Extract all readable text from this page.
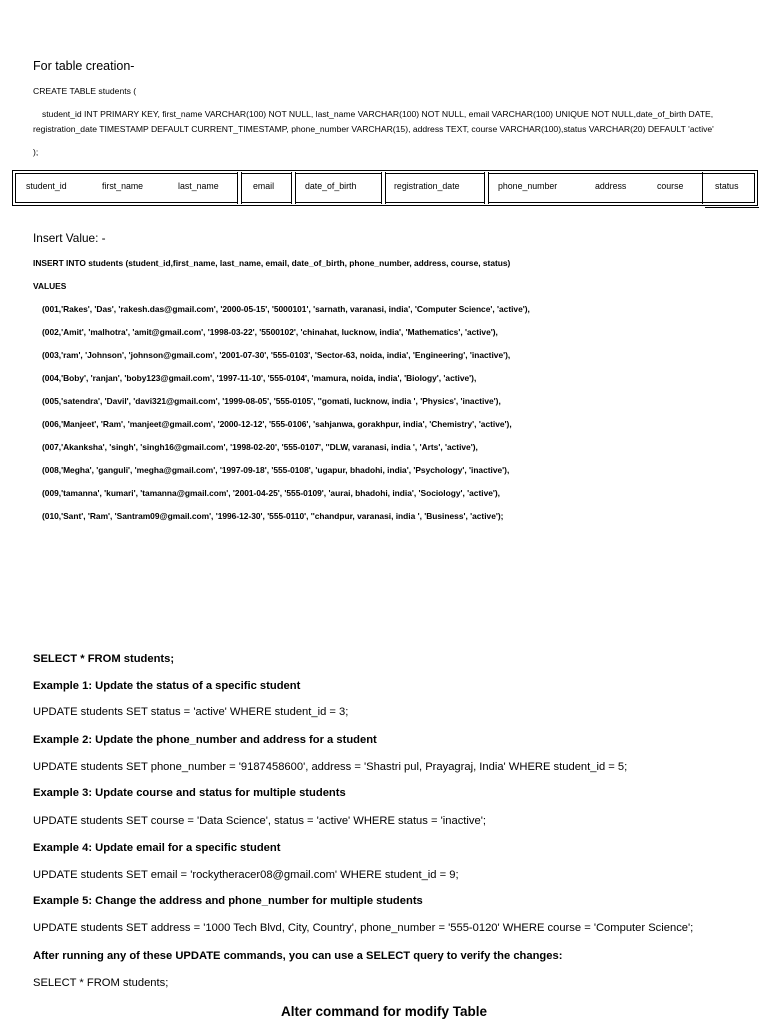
For table creation-
CREATE TABLE students (
student_id INT PRIMARY KEY, first_name VARCHAR(100) NOT NULL, last_name VARCHAR(100) NOT NULL, email VARCHAR(100) UNIQUE NOT NULL,date_of_birth DATE,
registration_date TIMESTAMP DEFAULT CURRENT_TIMESTAMP, phone_number VARCHAR(15), address TEXT, course VARCHAR(100),status VARCHAR(20) DEFAULT 'active'
);
student_id	first_name	last_name	email	date_of_birth	registration_date	phone_number	address	course	status
Insert Value: -
INSERT INTO students (student_id,first_name, last_name, email, date_of_birth, phone_number, address, course, status)
VALUES
(001,'Rakes', 'Das', 'rakesh.das@gmail.com', '2000-05-15', '5000101', 'sarnath, varanasi, india', 'Computer Science', 'active'),
(002,'Amit', 'malhotra', 'amit@gmail.com', '1998-03-22', '5500102', 'chinahat, lucknow, india', 'Mathematics', 'active'),
(003,'ram', 'Johnson', 'johnson@gmail.com', '2001-07-30', '555-0103', 'Sector-63, noida, india', 'Engineering', 'inactive'),
(004,'Boby', 'ranjan', 'boby123@gmail.com', '1997-11-10', '555-0104', 'mamura, noida, india', 'Biology', 'active'),
(005,'satendra', 'Davil', 'davi321@gmail.com', '1999-08-05', '555-0105', ''gomati, lucknow, india ', 'Physics', 'inactive'),
(006,'Manjeet', 'Ram', 'manjeet@gmail.com', '2000-12-12', '555-0106', 'sahjanwa, gorakhpur, india', 'Chemistry', 'active'),
(007,'Akanksha', 'singh', 'singh16@gmail.com', '1998-02-20', '555-0107', ''DLW, varanasi, india ', 'Arts', 'active'),
(008,'Megha', 'ganguli', 'megha@gmail.com', '1997-09-18', '555-0108', 'ugapur, bhadohi, india', 'Psychology', 'inactive'),
(009,'tamanna', 'kumari', 'tamanna@gmail.com', '2001-04-25', '555-0109', 'aurai, bhadohi, india', 'Sociology', 'active'),
(010,'Sant', 'Ram', 'Santram09@gmail.com', '1996-12-30', '555-0110', ''chandpur, varanasi, india ', 'Business', 'active');
SELECT * FROM students;
Example 1: Update the status of a specific student
UPDATE students SET status = 'active' WHERE student_id = 3;
Example 2: Update the phone_number and address for a student
UPDATE students SET phone_number = '9187458600', address = 'Shastri pul, Prayagraj, India' WHERE student_id = 5;
Example 3: Update course and status for multiple students
UPDATE students SET course = 'Data Science', status = 'active' WHERE status = 'inactive';
Example 4: Update email for a specific student
UPDATE students SET email = 'rockytheracer08@gmail.com' WHERE student_id = 9;
Example 5: Change the address and phone_number for multiple students
UPDATE students SET address = '1000 Tech Blvd, City, Country', phone_number = '555-0120' WHERE course = 'Computer Science';
After running any of these UPDATE commands, you can use a SELECT query to verify the changes:
SELECT * FROM students;
Alter command for modify Table
